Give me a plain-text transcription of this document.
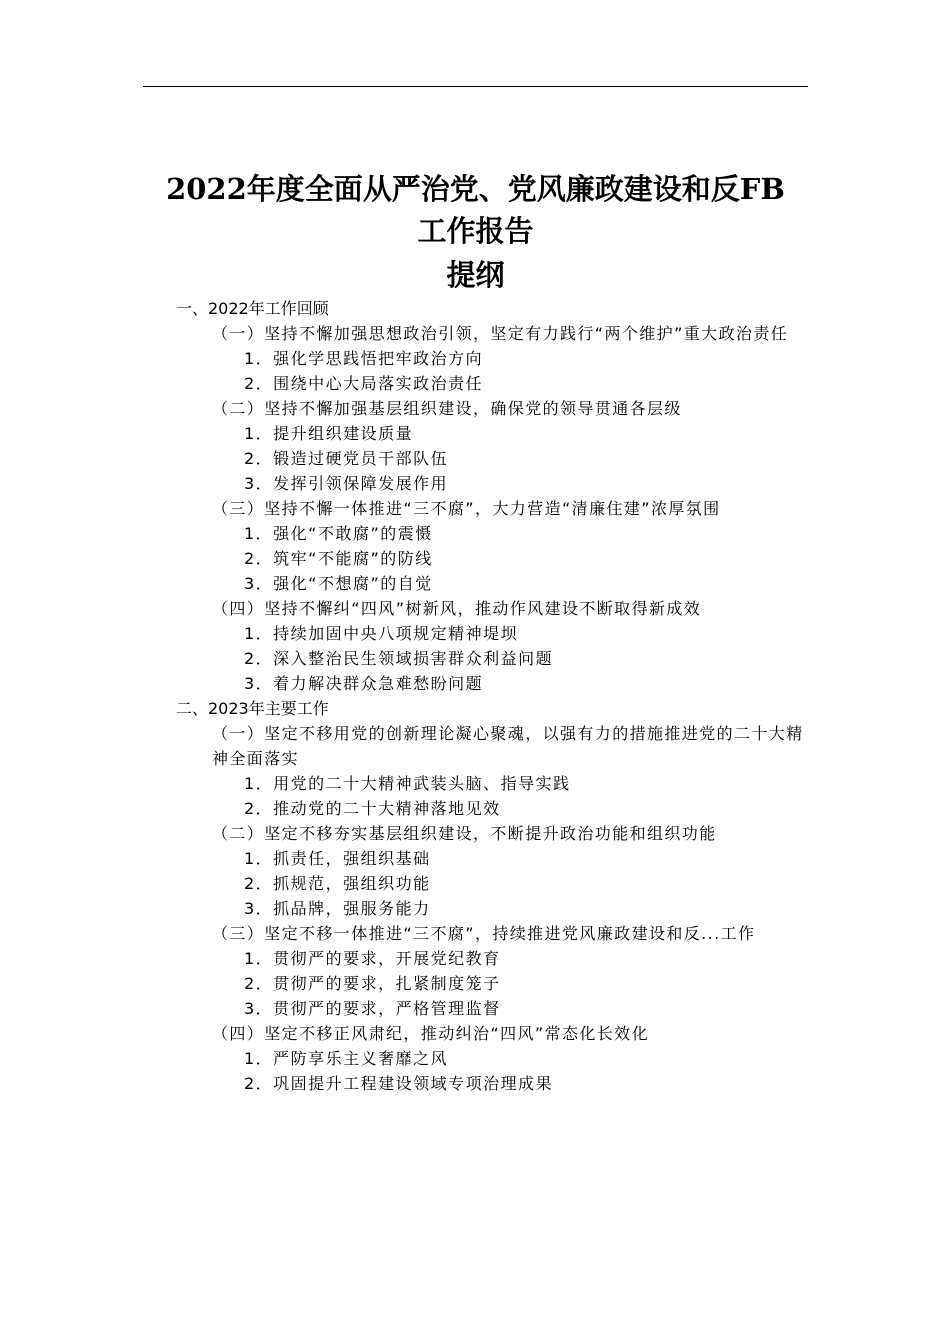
2022年度全面从严治党、党风廉政建设和反FB
工作报告
提纲
一、2022年工作回顾
（一）坚持不懈加强思想政治引领，坚定有力践行“两个维护”重大政治责任
1．强化学思践悟把牢政治方向
2．围绕中心大局落实政治责任
（二）坚持不懈加强基层组织建设，确保党的领导贯通各层级
1．提升组织建设质量
2．锻造过硬党员干部队伍
3．发挥引领保障发展作用
（三）坚持不懈一体推进“三不腐”，大力营造“清廉住建”浓厚氛围
1．强化“不敢腐”的震慑
2．筑牢“不能腐”的防线
3．强化“不想腐”的自觉
（四）坚持不懈纠“四风”树新风，推动作风建设不断取得新成效
1．持续加固中央八项规定精神堤坝
2．深入整治民生领域损害群众利益问题
3．着力解决群众急难愁盼问题
二、2023年主要工作
（一）坚定不移用党的创新理论凝心聚魂，以强有力的措施推进党的二十大精神全面落实
1．用党的二十大精神武装头脑、指导实践
2．推动党的二十大精神落地见效
（二）坚定不移夯实基层组织建设，不断提升政治功能和组织功能
1．抓责任，强组织基础
2．抓规范，强组织功能
3．抓品牌，强服务能力
（三）坚定不移一体推进“三不腐”，持续推进党风廉政建设和反...工作
1．贯彻严的要求，开展党纪教育
2．贯彻严的要求，扎紧制度笼子
3．贯彻严的要求，严格管理监督
（四）坚定不移正风肃纪，推动纠治“四风”常态化长效化
1．严防享乐主义奢靡之风
2．巩固提升工程建设领域专项治理成果
